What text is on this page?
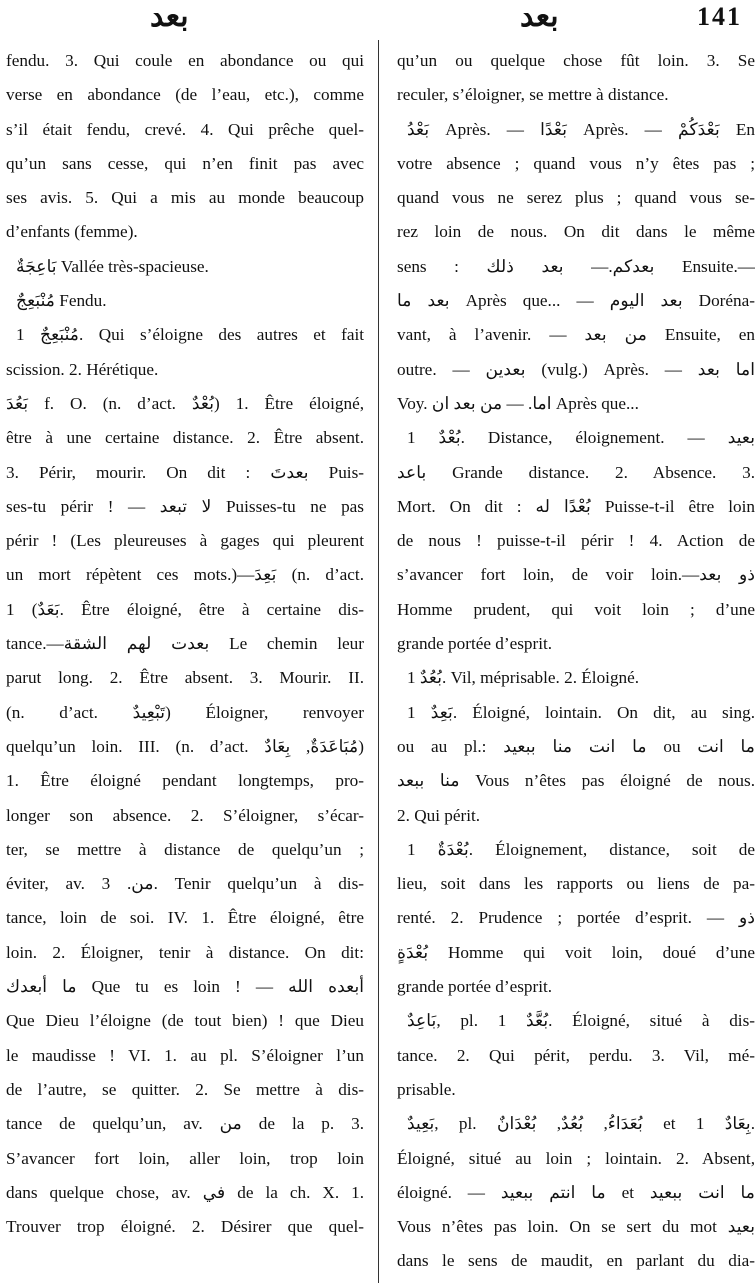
بعد	بعد	141
fendu. 3. Qui coule en abondance ou qui
verse en abondance (de l’eau, etc.), comme
s’il était fendu, crevé. 4. Qui prêche quel-
qu’un sans cesse, qui n’en finit pas avec
ses avis. 5. Qui a mis au monde beaucoup
d’enfants (femme).
بَاعِجَةٌ Vallée très-spacieuse.
مُنْبَعِجٌ Fendu.
مُنْبَعِجٌ 1. Qui s’éloigne des autres et fait
scission. 2. Hérétique.
بَعُدَ f. O. (n. d’act. بُعْدٌ) 1. Être éloigné,
être à une certaine distance. 2. Être absent.
3. Périr, mourir. On dit : بعدتَ Puis-
ses-tu périr ! — لا تبعد Puisses-tu ne pas
périr ! (Les pleureuses à gages qui pleurent
un mort répètent ces mots.)—بَعِدَ (n. d’act.
بَعَدٌ) 1. Être éloigné, être à certaine dis-
tance.—بعدت لهم الشقة Le chemin leur
parut long. 2. Être absent. 3. Mourir. II.
(n. d’act. تَبْعِيدٌ) Éloigner, renvoyer
quelqu’un loin. III. (n. d’act. مُبَاعَدَةٌ, بِعَادٌ)
1. Être éloigné pendant longtemps, pro-
longer son absence. 2. S’éloigner, s’écar-
ter, se mettre à distance de quelqu’un ;
éviter, av. من. 3. Tenir quelqu’un à dis-
tance, loin de soi. IV. 1. Être éloigné, être
loin. 2. Éloigner, tenir à distance. On dit:
ما أبعدك Que tu es loin ! — أبعده الله
Que Dieu l’éloigne (de tout bien) ! que Dieu
le maudisse ! VI. 1. au pl. S’éloigner l’un
de l’autre, se quitter. 2. Se mettre à dis-
tance de quelqu’un, av. من de la p. 3.
S’avancer fort loin, aller loin, trop loin
dans quelque chose, av. في de la ch. X. 1.
Trouver trop éloigné. 2. Désirer que quel-
qu’un ou quelque chose fût loin. 3. Se
reculer, s’éloigner, se mettre à distance.
بَعْدُ Après. — بَعْدًا Après. — بَعْدَكُمْ En
votre absence ; quand vous n’y êtes pas ;
quand vous ne serez plus ; quand vous se-
rez loin de nous. On dit dans le même
sens : بعدكم.— بعد ذلك Ensuite.—
بعد ما Après que... — بعد اليوم Doréna-
vant, à l’avenir. — من بعد Ensuite, en
outre. — بعدين (vulg.) Après. — اما بعد
Voy. اما. — من بعد ان Après que...
بُعْدٌ 1. Distance, éloignement. — بعيد
باعد Grande distance. 2. Absence. 3.
Mort. On dit : بُعْدًا له Puisse-t-il être loin
de nous ! puisse-t-il périr ! 4. Action de
s’avancer fort loin, de voir loin.—ذو بعد
Homme prudent, qui voit loin ; d’une
grande portée d’esprit.
بُعُدٌ 1. Vil, méprisable. 2. Éloigné.
بَعِدٌ 1. Éloigné, lointain. On dit, au sing.
ou au pl.: ما انت منا ببعيد ou ما انت
منا ببعد Vous n’êtes pas éloigné de nous.
2. Qui périt.
بُعْدَةٌ 1. Éloignement, distance, soit de
lieu, soit dans les rapports ou liens de pa-
renté. 2. Prudence ; portée d’esprit. — ذو
بُعْدَةٍ Homme qui voit loin, doué d’une
grande portée d’esprit.
بَاعِدٌ, pl. بُعَّدٌ 1. Éloigné, situé à dis-
tance. 2. Qui périt, perdu. 3. Vil, mé-
prisable.
بَعِيدٌ, pl. بُعَدَاءُ, بُعُدٌ, بُعْدَانٌ et بِعَادٌ 1.
Éloigné, situé au loin ; lointain. 2. Absent,
éloigné. — ما انتم ببعيد et ما انت ببعيد
Vous n’êtes pas loin. On se sert du mot بعيد
dans le sens de maudit, en parlant du dia-
